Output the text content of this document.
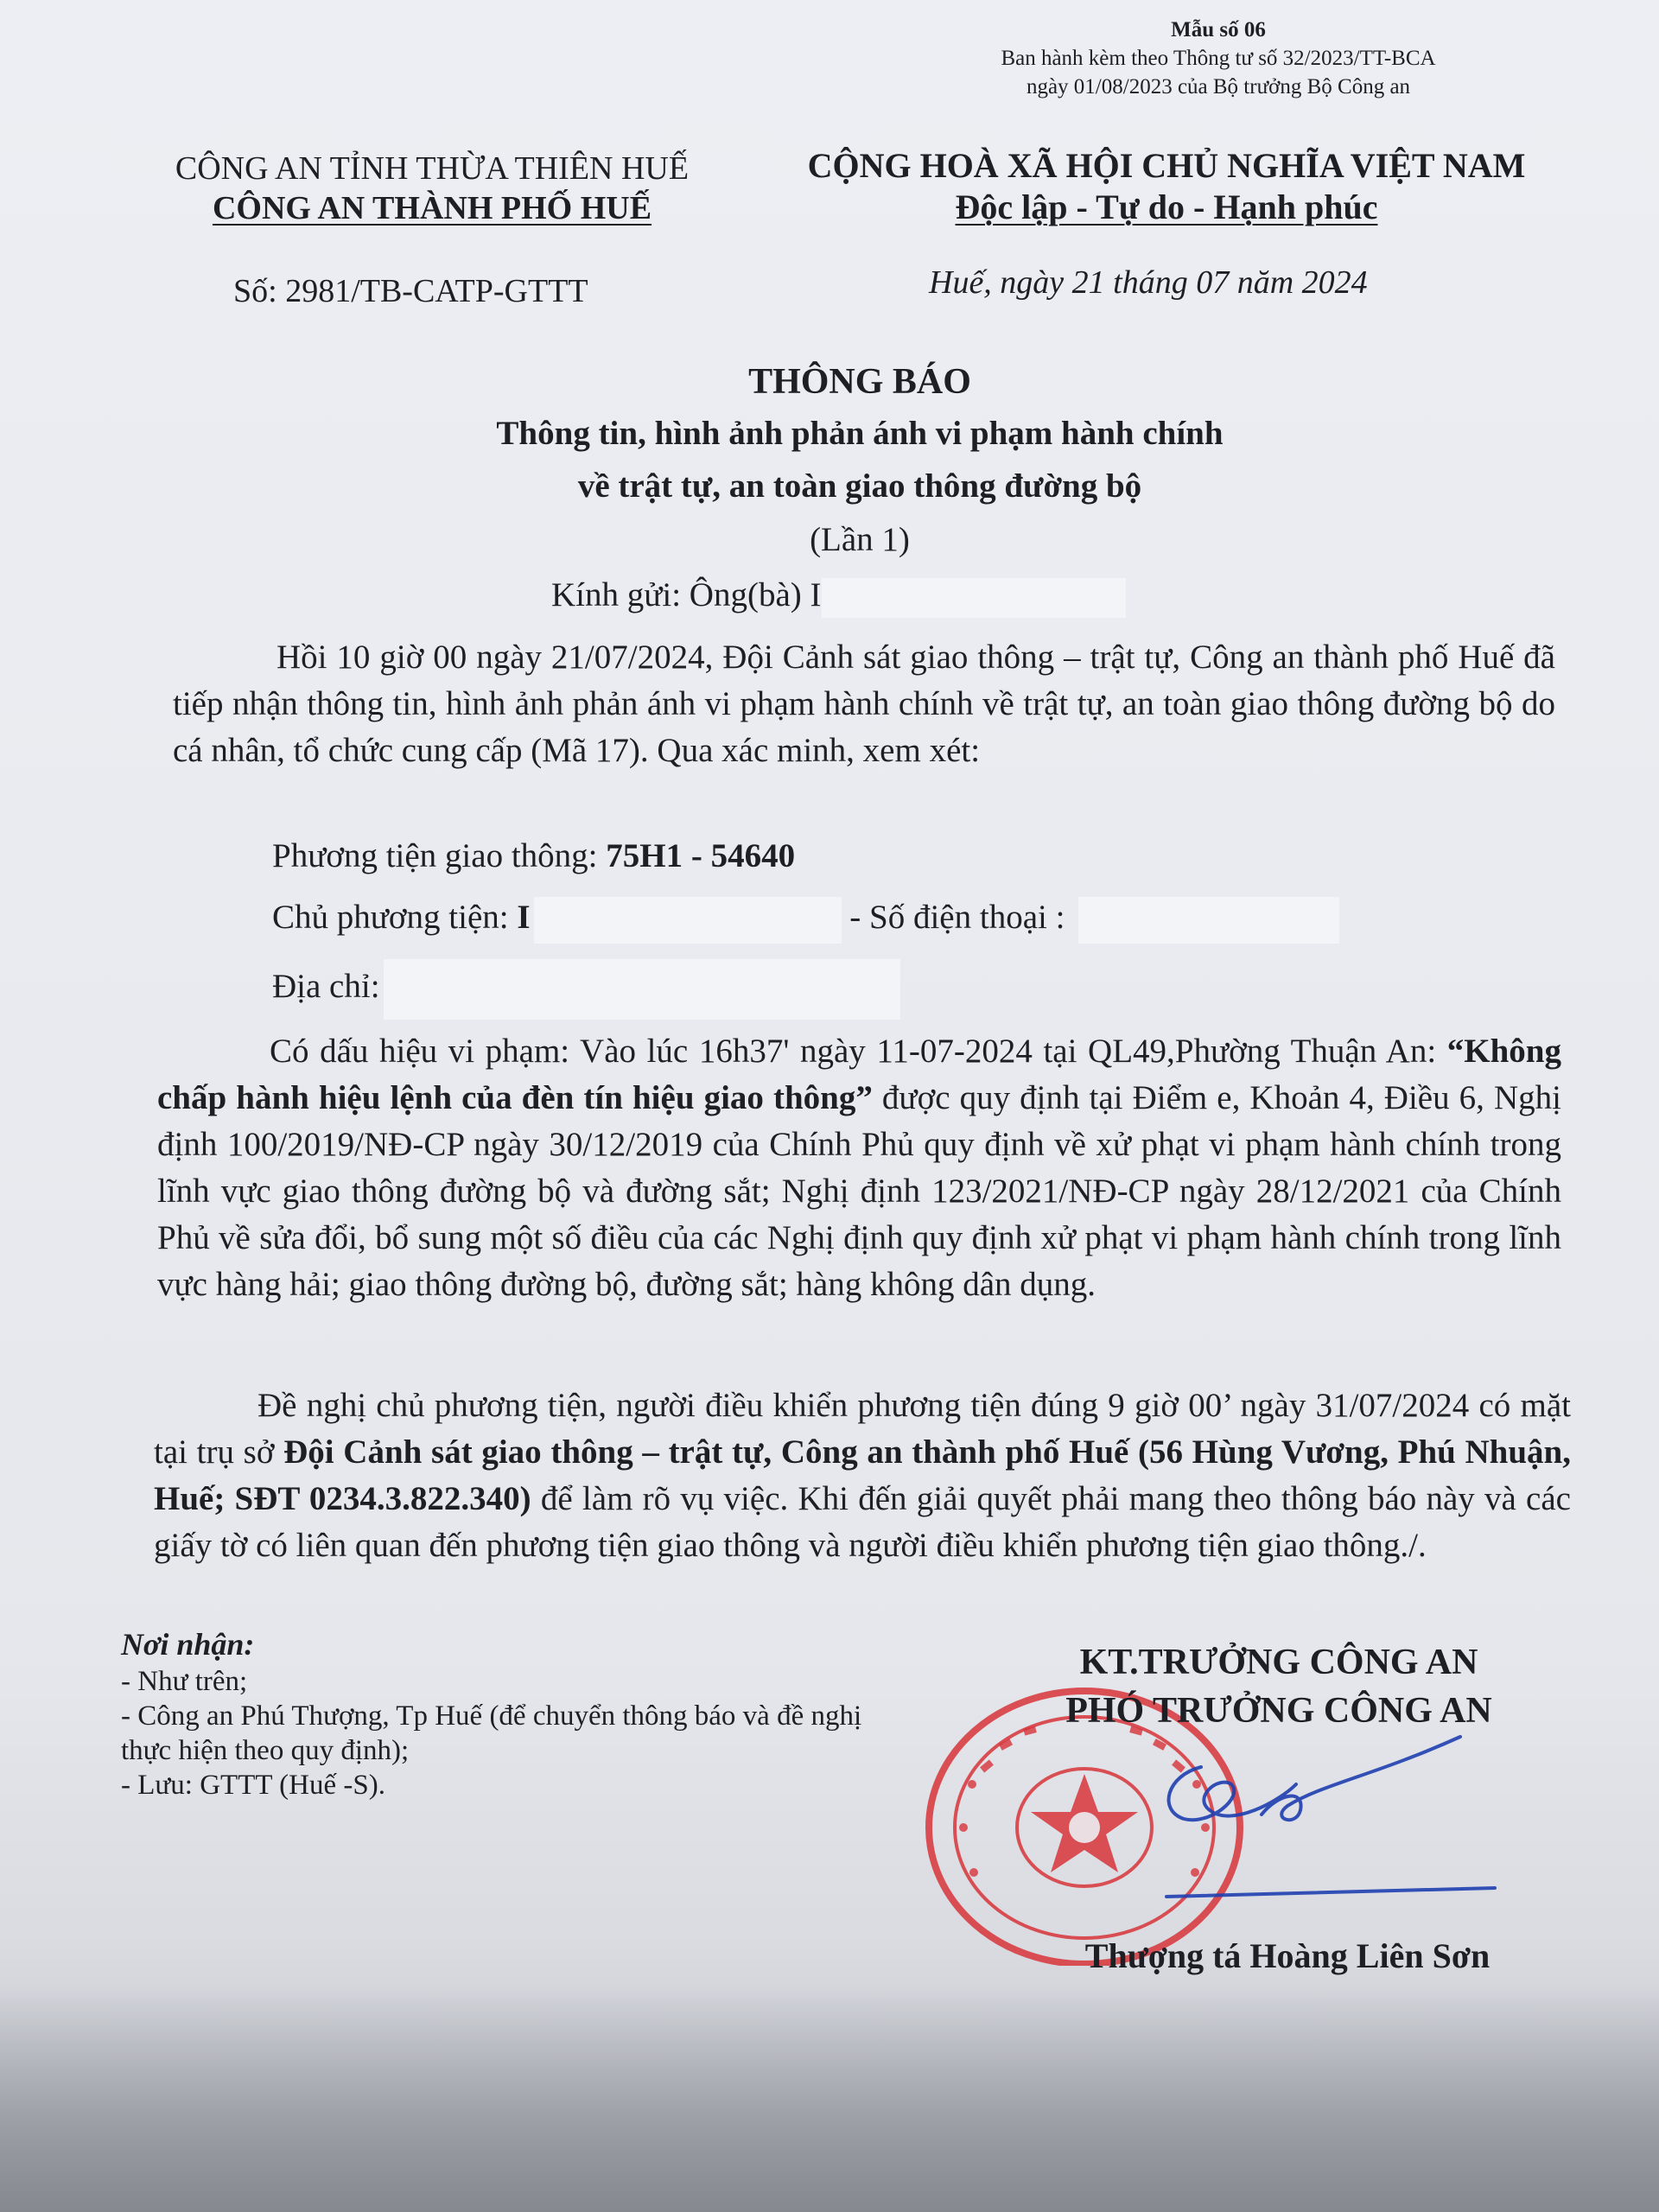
Mẫu số 06
Ban hành kèm theo Thông tư số 32/2023/TT-BCA
ngày 01/08/2023 của Bộ trưởng Bộ Công an
CÔNG AN TỈNH THỪA THIÊN HUẾ
CÔNG AN THÀNH PHỐ HUẾ
CỘNG HOÀ XÃ HỘI CHỦ NGHĨA VIỆT NAM
Độc lập - Tự do - Hạnh phúc
Số: 2981/TB-CATP-GTTT	Huế, ngày 21 tháng 07 năm 2024
THÔNG BÁO
Thông tin, hình ảnh phản ánh vi phạm hành chính
về trật tự, an toàn giao thông đường bộ
(Lần 1)
Kính gửi: Ông(bà) I
Hồi 10 giờ 00 ngày 21/07/2024, Đội Cảnh sát giao thông – trật tự, Công an thành phố Huế đã tiếp nhận thông tin, hình ảnh phản ánh vi phạm hành chính về trật tự, an toàn giao thông đường bộ do cá nhân, tổ chức cung cấp (Mã 17). Qua xác minh, xem xét:
Phương tiện giao thông: 75H1 - 54640
Chủ phương tiện: I	- Số điện thoại :
Địa chỉ:
Có dấu hiệu vi phạm: Vào lúc 16h37' ngày 11-07-2024 tại QL49,Phường Thuận An: “Không chấp hành hiệu lệnh của đèn tín hiệu giao thông” được quy định tại Điểm e, Khoản 4, Điều 6, Nghị định 100/2019/NĐ-CP ngày 30/12/2019 của Chính Phủ quy định về xử phạt vi phạm hành chính trong lĩnh vực giao thông đường bộ và đường sắt; Nghị định 123/2021/NĐ-CP ngày 28/12/2021 của Chính Phủ về sửa đổi, bổ sung một số điều của các Nghị định quy định xử phạt vi phạm hành chính trong lĩnh vực hàng hải; giao thông đường bộ, đường sắt; hàng không dân dụng.
Đề nghị chủ phương tiện, người điều khiển phương tiện đúng 9 giờ 00’ ngày 31/07/2024 có mặt tại trụ sở Đội Cảnh sát giao thông – trật tự, Công an thành phố Huế (56 Hùng Vương, Phú Nhuận, Huế; SĐT 0234.3.822.340) để làm rõ vụ việc. Khi đến giải quyết phải mang theo thông báo này và các giấy tờ có liên quan đến phương tiện giao thông và người điều khiển phương tiện giao thông./.
Nơi nhận:
- Như trên;
- Công an Phú Thượng, Tp Huế (để chuyển thông báo và đề nghị thực hiện theo quy định);
- Lưu: GTTT (Huế -S).
KT.TRƯỞNG CÔNG AN
PHÓ TRƯỞNG CÔNG AN
Thượng tá Hoàng Liên Sơn
